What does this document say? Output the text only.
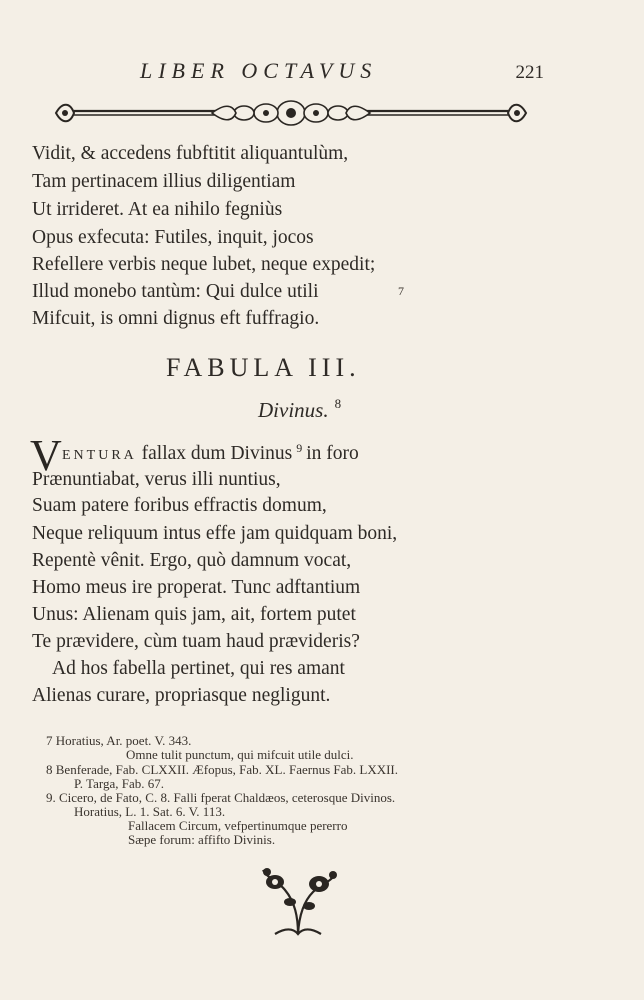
LIBER OCTAVUS	221
Vidit, & accedens fubftitit aliquantulùm,
Tam pertinacem illius diligentiam
Ut irrideret. At ea nihilo fegniùs
Opus exfecuta: Futiles, inquit, jocos
Refellere verbis neque lubet, neque expedit;
Illud monebo tantùm: Qui dulce utili	7
Mifcuit, is omni dignus eft fuffragio.
FABULA III.
Divinus. $^8$
V ENTURA fallax dum Divinus $^9$ in foro
Prænuntiabat, verus illi nuntius,
Suam patere foribus effractis domum,
Neque reliquum intus effe jam quidquam boni,
Repentè vênit. Ergo, quò damnum vocat,
Homo meus ire properat. Tunc adftantium
Unus: Alienam quis jam, ait, fortem putet
Te prævidere, cùm tuam haud prævideris?
Ad hos fabella pertinet, qui res amant
Alienas curare, propriasque negligunt.
7 Horatius, Ar. poet. V. 343.
Omne tulit punctum, qui mifcuit utile dulci.
8 Benferade, Fab. CLXXII. Æfopus, Fab. XL. Faernus Fab. LXXII.
P. Targa, Fab. 67.
9. Cicero, de Fato, C. 8. Falli fperat Chaldæos, ceterosque Divinos.
Horatius, L. 1. Sat. 6. V. 113.
Fallacem Circum, vefpertinumque pererro
Sæpe forum: affifto Divinis.
